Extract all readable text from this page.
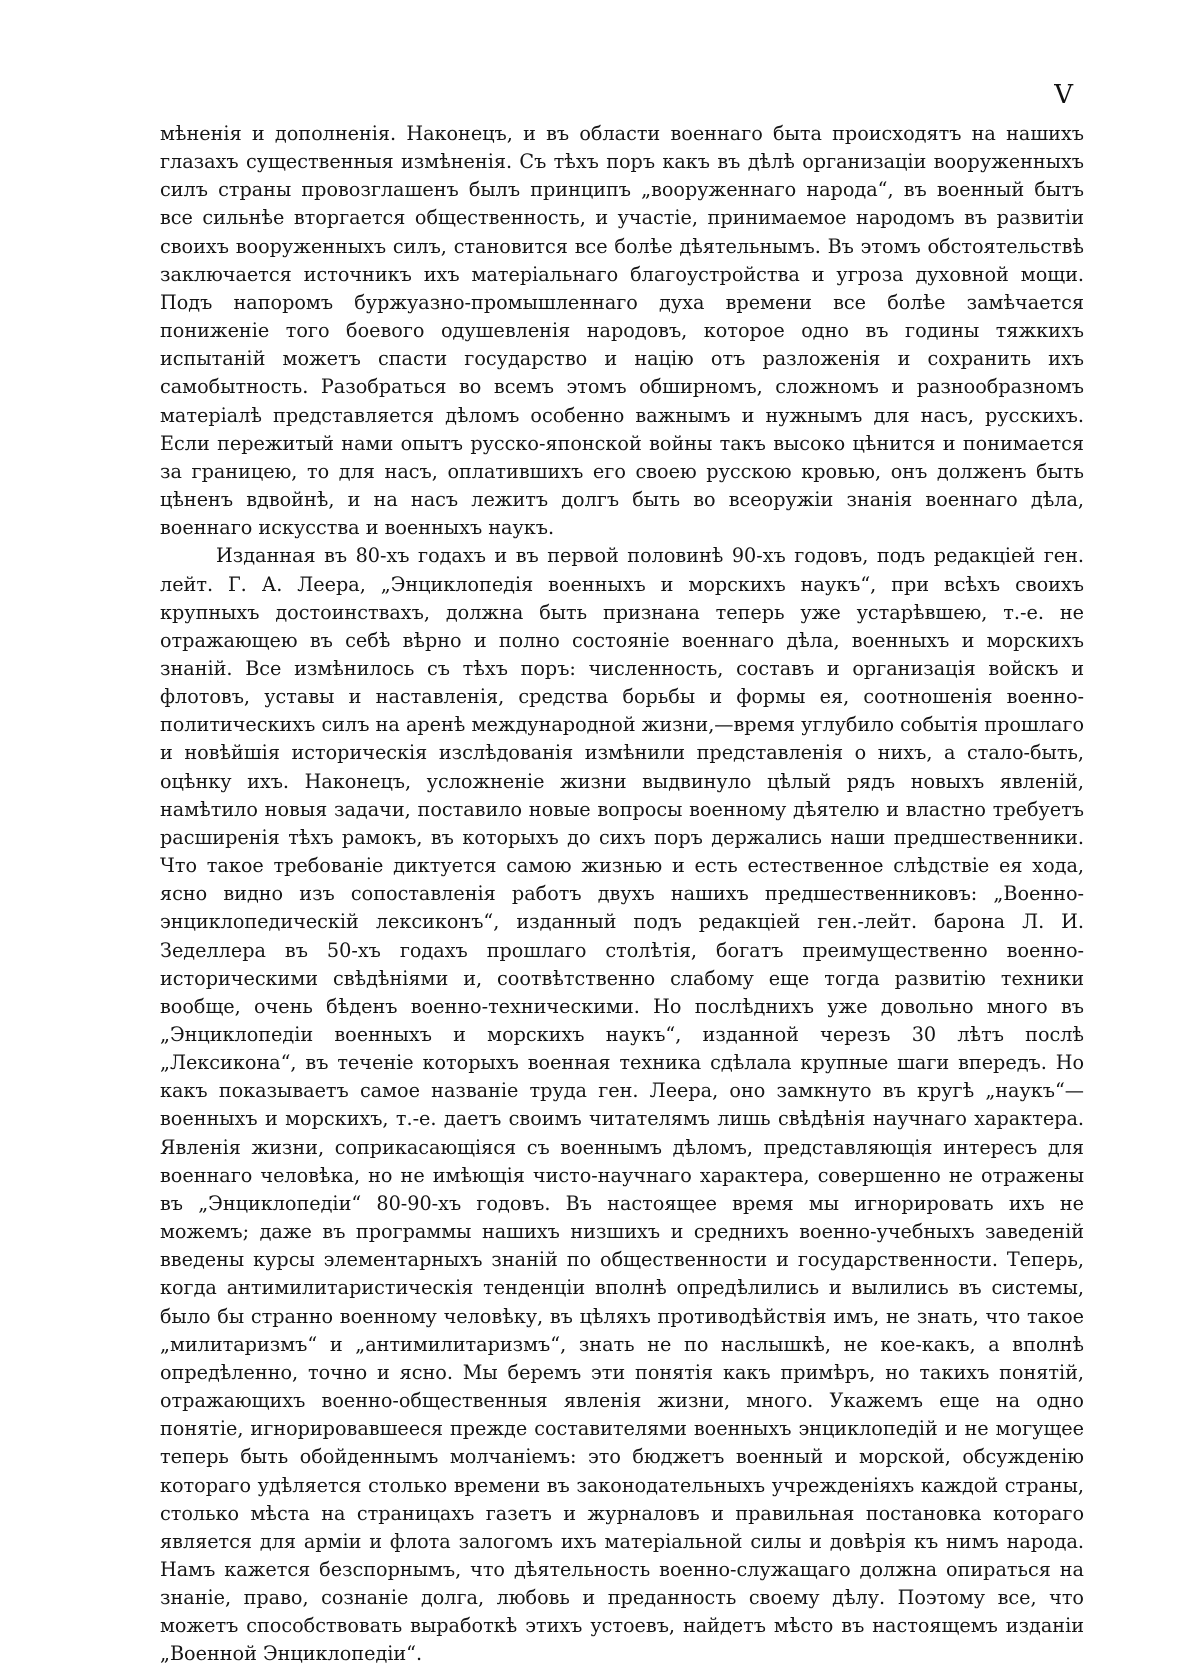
V

мѣненія и дополненія. Наконецъ, и въ области военнаго быта происходятъ на нашихъ глазахъ существенныя измѣненія. Съ тѣхъ поръ какъ въ дѣлѣ организаціи вооруженныхъ силъ страны провозглашенъ былъ принципъ „вооруженнаго народа“, въ военный бытъ все сильнѣе вторгается общественность, и участіе, принимаемое народомъ въ развитіи своихъ вооруженныхъ силъ, становится все болѣе дѣятельнымъ. Въ этомъ обстоятельствѣ заключается источникъ ихъ матеріальнаго благоустройства и угроза духовной мощи. Подъ напоромъ буржуазно-промышленнаго духа времени все болѣе замѣчается пониженіе того боевого одушевленія народовъ, которое одно въ годины тяжкихъ испытаній можетъ спасти государство и націю отъ разложенія и сохранить ихъ самобытность. Разобраться во всемъ этомъ обширномъ, сложномъ и разнообразномъ матеріалѣ представляется дѣломъ особенно важнымъ и нужнымъ для насъ, русскихъ. Если пережитый нами опытъ русско-японской войны такъ высоко цѣнится и понимается за границею, то для насъ, оплатившихъ его своею русскою кровью, онъ долженъ быть цѣненъ вдвойнѣ, и на насъ лежитъ долгъ быть во всеоружіи знанія военнаго дѣла, военнаго искусства и военныхъ наукъ.

Изданная въ 80-хъ годахъ и въ первой половинѣ 90-хъ годовъ, подъ редакціей ген. лейт. Г. А. Леера, „Энциклопедія военныхъ и морскихъ наукъ“, при всѣхъ своихъ крупныхъ достоинствахъ, должна быть признана теперь уже устарѣвшею, т.-е. не отражающею въ себѣ вѣрно и полно состояніе военнаго дѣла, военныхъ и морскихъ знаній. Все измѣнилось съ тѣхъ поръ: численность, составъ и организація войскъ и флотовъ, уставы и наставленія, средства борьбы и формы ея, соотношенія военно-политическихъ силъ на аренѣ международной жизни,—время углубило событія прошлаго и новѣйшія историческія изслѣдованія измѣнили представленія о нихъ, а стало-быть, оцѣнку ихъ. Наконецъ, усложненіе жизни выдвинуло цѣлый рядъ новыхъ явленій, намѣтило новыя задачи, поставило новые вопросы военному дѣятелю и властно требуетъ расширенія тѣхъ рамокъ, въ которыхъ до сихъ поръ держались наши предшественники. Что такое требованіе диктуется самою жизнью и есть естественное слѣдствіе ея хода, ясно видно изъ сопоставленія работъ двухъ нашихъ предшественниковъ: „Военно-энциклопедическій лексиконъ“, изданный подъ редакціей ген.-лейт. барона Л. И. Зеделлера въ 50-хъ годахъ прошлаго столѣтія, богатъ преимущественно военно-историческими свѣдѣніями и, соотвѣтственно слабому еще тогда развитію техники вообще, очень бѣденъ военно-техническими. Но послѣднихъ уже довольно много въ „Энциклопедіи военныхъ и морскихъ наукъ“, изданной черезъ 30 лѣтъ послѣ „Лексикона“, въ теченіе которыхъ военная техника сдѣлала крупные шаги впередъ. Но какъ показываетъ самое названіе труда ген. Леера, оно замкнуто въ кругѣ „наукъ“—военныхъ и морскихъ, т.-е. даетъ своимъ читателямъ лишь свѣдѣнія научнаго характера. Явленія жизни, соприкасающіяся съ военнымъ дѣломъ, представляющія интересъ для военнаго человѣка, но не имѣющія чисто-научнаго характера, совершенно не отражены въ „Энциклопедіи“ 80-90-хъ годовъ. Въ настоящее время мы игнорировать ихъ не можемъ; даже въ программы нашихъ низшихъ и среднихъ военно-учебныхъ заведеній введены курсы элементарныхъ знаній по общественности и государственности. Теперь, когда антимилитаристическія тенденціи вполнѣ опредѣлились и вылились въ системы, было бы странно военному человѣку, въ цѣляхъ противодѣйствія имъ, не знать, что такое „милитаризмъ“ и „антимилитаризмъ“, знать не по наслышкѣ, не кое-какъ, а вполнѣ опредѣленно, точно и ясно. Мы беремъ эти понятія какъ примѣръ, но такихъ понятій, отражающихъ военно-общественныя явленія жизни, много. Укажемъ еще на одно понятіе, игнорировавшееся прежде составителями военныхъ энциклопедій и не могущее теперь быть обойденнымъ молчаніемъ: это бюджетъ военный и морской, обсужденію котораго удѣляется столько времени въ законодательныхъ учрежденіяхъ каждой страны, столько мѣста на страницахъ газетъ и журналовъ и правильная постановка котораго является для арміи и флота залогомъ ихъ матеріальной силы и довѣрія къ нимъ народа. Намъ кажется безспорнымъ, что дѣятельность военно-служащаго должна опираться на знаніе, право, сознаніе долга, любовь и преданность своему дѣлу. Поэтому все, что можетъ способствовать выработкѣ этихъ устоевъ, найдетъ мѣсто въ настоящемъ изданіи „Военной Энциклопедіи“.
